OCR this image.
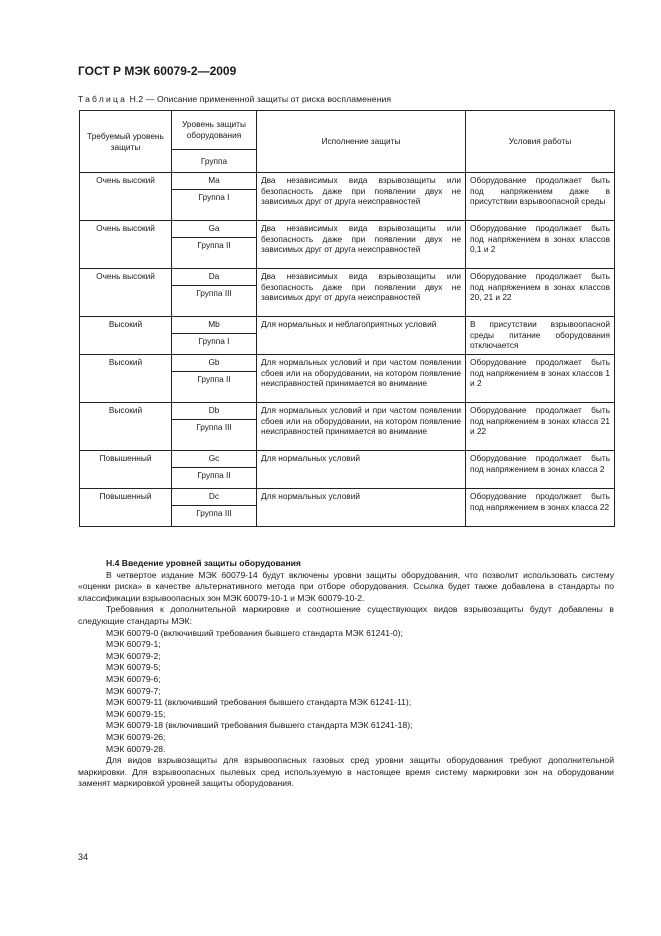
ГОСТ Р МЭК 60079-2—2009
Таблица Н.2 — Описание примененной защиты от риска воспламенения
Требуемый уровень защиты	Уровень защиты оборудования	Исполнение защиты	Условия работы
	Группа		
Очень высокий	Ma	Два независимых вида взрывозащиты или безопасность даже при появлении двух не зависимых друг от друга неисправностей	Оборудование продолжает быть под напряжением даже в присутствии взрывоопасной среды
	Группа I		
Очень высокий	Ga	Два независимых вида взрывозащиты или безопасность даже при появлении двух не зависимых друг от друга неисправностей	Оборудование продолжает быть под напряжением в зонах классов 0,1 и 2
	Группа II		
Очень высокий	Da	Два независимых вида взрывозащиты или безопасность даже при появлении двух не зависимых друг от друга неисправностей	Оборудование продолжает быть под напряжением в зонах классов 20, 21 и 22
	Группа III		
Высокий	Mb	Для нормальных и неблагоприятных условий	В присутствии взрывоопасной среды питание оборудования отключается
	Группа I		
Высокий	Gb	Для нормальных условий и при частом появлении сбоев или на оборудовании, на котором появление неисправностей принимается во внимание	Оборудование продолжает быть под напряжением в зонах классов 1 и 2
	Группа II		
Высокий	Db	Для нормальных условий и при частом появлении сбоев или на оборудовании, на котором появление неисправностей принимается во внимание	Оборудование продолжает быть под напряжением в зонах класса 21 и 22
	Группа III		
Повышенный	Gc	Для нормальных условий	Оборудование продолжает быть под напряжением в зонах класса 2
	Группа II		
Повышенный	Dc	Для нормальных условий	Оборудование продолжает быть под напряжением в зонах класса 22
	Группа III		

Н.4 Введение уровней защиты оборудования

В четвертое издание МЭК 60079-14 будут включены уровни защиты оборудования, что позволит использовать систему «оценки риска» в качестве альтернативного метода при отборе оборудования. Ссылка будет также добавлена в стандарты по классификации взрывоопасных зон МЭК 60079-10-1 и МЭК 60079-10-2.

Требования к дополнительной маркировке и соотношение существующих видов взрывозащиты будут добавлены в следующие стандарты МЭК:

МЭК 60079-0 (включивший требования бывшего стандарта МЭК 61241-0);

МЭК 60079-1;

МЭК 60079-2;

МЭК 60079-5;

МЭК 60079-6;

МЭК 60079-7;

МЭК 60079-11 (включивший требования бывшего стандарта МЭК 61241-11);

МЭК 60079-15;

МЭК 60079-18 (включивший требования бывшего стандарта МЭК 61241-18);

МЭК 60079-26;

МЭК 60079-28.

Для видов взрывозащиты для взрывоопасных газовых сред уровни защиты оборудования требуют дополнительной маркировки. Для взрывоопасных пылевых сред используемую в настоящее время систему маркировки зон на оборудовании заменят маркировкой уровней защиты оборудования.

34
